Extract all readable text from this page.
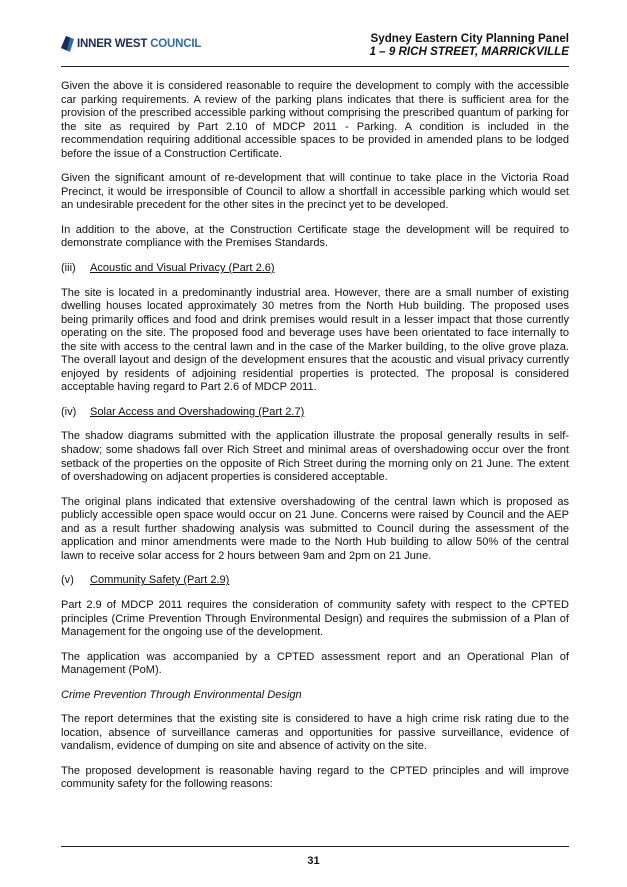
INNER WEST COUNCIL	Sydney Eastern City Planning Panel
1 – 9 RICH STREET, MARRICKVILLE

Given the above it is considered reasonable to require the development to comply with the accessible car parking requirements. A review of the parking plans indicates that there is sufficient area for the provision of the prescribed accessible parking without comprising the prescribed quantum of parking for the site as required by Part 2.10 of MDCP 2011 - Parking. A condition is included in the recommendation requiring additional accessible spaces to be provided in amended plans to be lodged before the issue of a Construction Certificate.

Given the significant amount of re-development that will continue to take place in the Victoria Road Precinct, it would be irresponsible of Council to allow a shortfall in accessible parking which would set an undesirable precedent for the other sites in the precinct yet to be developed.

In addition to the above, at the Construction Certificate stage the development will be required to demonstrate compliance with the Premises Standards.

(iii)	Acoustic and Visual Privacy (Part 2.6)

The site is located in a predominantly industrial area. However, there are a small number of existing dwelling houses located approximately 30 metres from the North Hub building. The proposed uses being primarily offices and food and drink premises would result in a lesser impact that those currently operating on the site. The proposed food and beverage uses have been orientated to face internally to the site with access to the central lawn and in the case of the Marker building, to the olive grove plaza. The overall layout and design of the development ensures that the acoustic and visual privacy currently enjoyed by residents of adjoining residential properties is protected. The proposal is considered acceptable having regard to Part 2.6 of MDCP 2011.

(iv)	Solar Access and Overshadowing (Part 2.7)

The shadow diagrams submitted with the application illustrate the proposal generally results in self-shadow; some shadows fall over Rich Street and minimal areas of overshadowing occur over the front setback of the properties on the opposite of Rich Street during the morning only on 21 June. The extent of overshadowing on adjacent properties is considered acceptable.

The original plans indicated that extensive overshadowing of the central lawn which is proposed as publicly accessible open space would occur on 21 June. Concerns were raised by Council and the AEP and as a result further shadowing analysis was submitted to Council during the assessment of the application and minor amendments were made to the North Hub building to allow 50% of the central lawn to receive solar access for 2 hours between 9am and 2pm on 21 June.

(v)	Community Safety (Part 2.9)

Part 2.9 of MDCP 2011 requires the consideration of community safety with respect to the CPTED principles (Crime Prevention Through Environmental Design) and requires the submission of a Plan of Management for the ongoing use of the development.

The application was accompanied by a CPTED assessment report and an Operational Plan of Management (PoM).

Crime Prevention Through Environmental Design

The report determines that the existing site is considered to have a high crime risk rating due to the location, absence of surveillance cameras and opportunities for passive surveillance, evidence of vandalism, evidence of dumping on site and absence of activity on the site.

The proposed development is reasonable having regard to the CPTED principles and will improve community safety for the following reasons:

31
